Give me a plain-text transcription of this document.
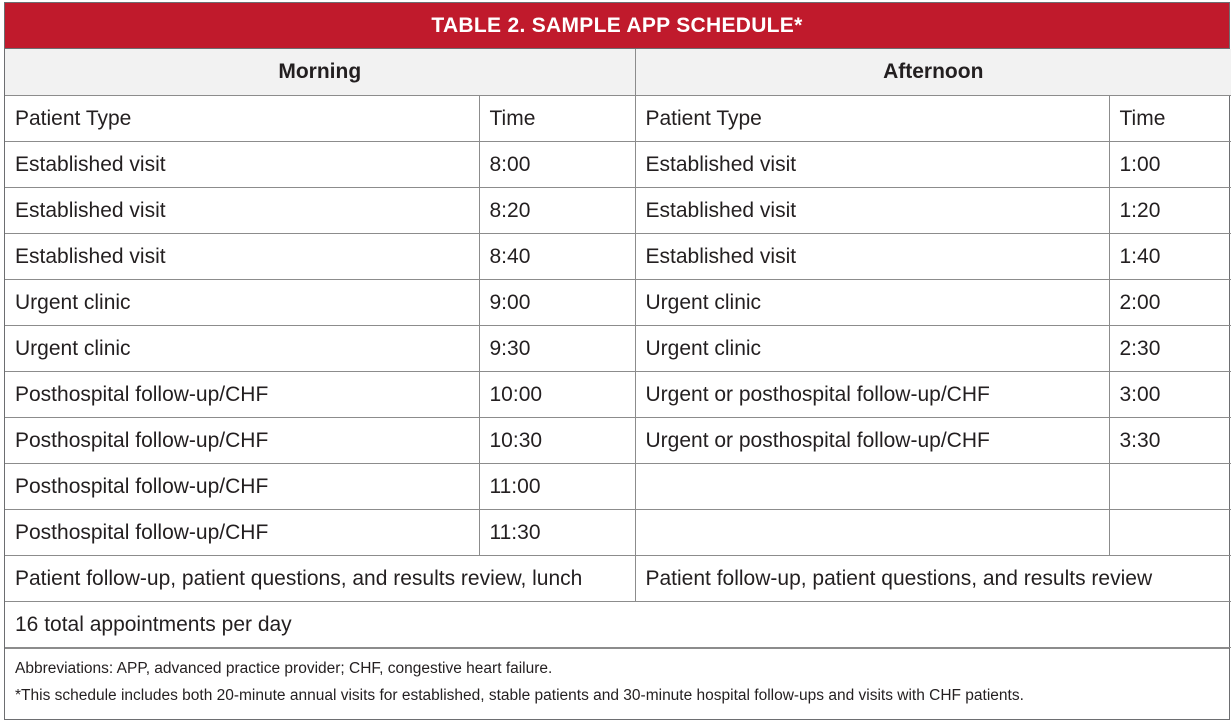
TABLE 2. SAMPLE APP SCHEDULE*
Morning		Afternoon	
Patient Type	Time	Patient Type	Time
Established visit	8:00	Established visit	1:00
Established visit	8:20	Established visit	1:20
Established visit	8:40	Established visit	1:40
Urgent clinic	9:00	Urgent clinic	2:00
Urgent clinic	9:30	Urgent clinic	2:30
Posthospital follow-up/CHF	10:00	Urgent or posthospital follow-up/CHF	3:00
Posthospital follow-up/CHF	10:30	Urgent or posthospital follow-up/CHF	3:30
Posthospital follow-up/CHF	11:00		
Posthospital follow-up/CHF	11:30		
Patient follow-up, patient questions, and results review, lunch		Patient follow-up, patient questions, and results review	
16 total appointments per day			
Abbreviations: APP, advanced practice provider; CHF, congestive heart failure.
*This schedule includes both 20-minute annual visits for established, stable patients and 30-minute hospital follow-ups and visits with CHF patients.
